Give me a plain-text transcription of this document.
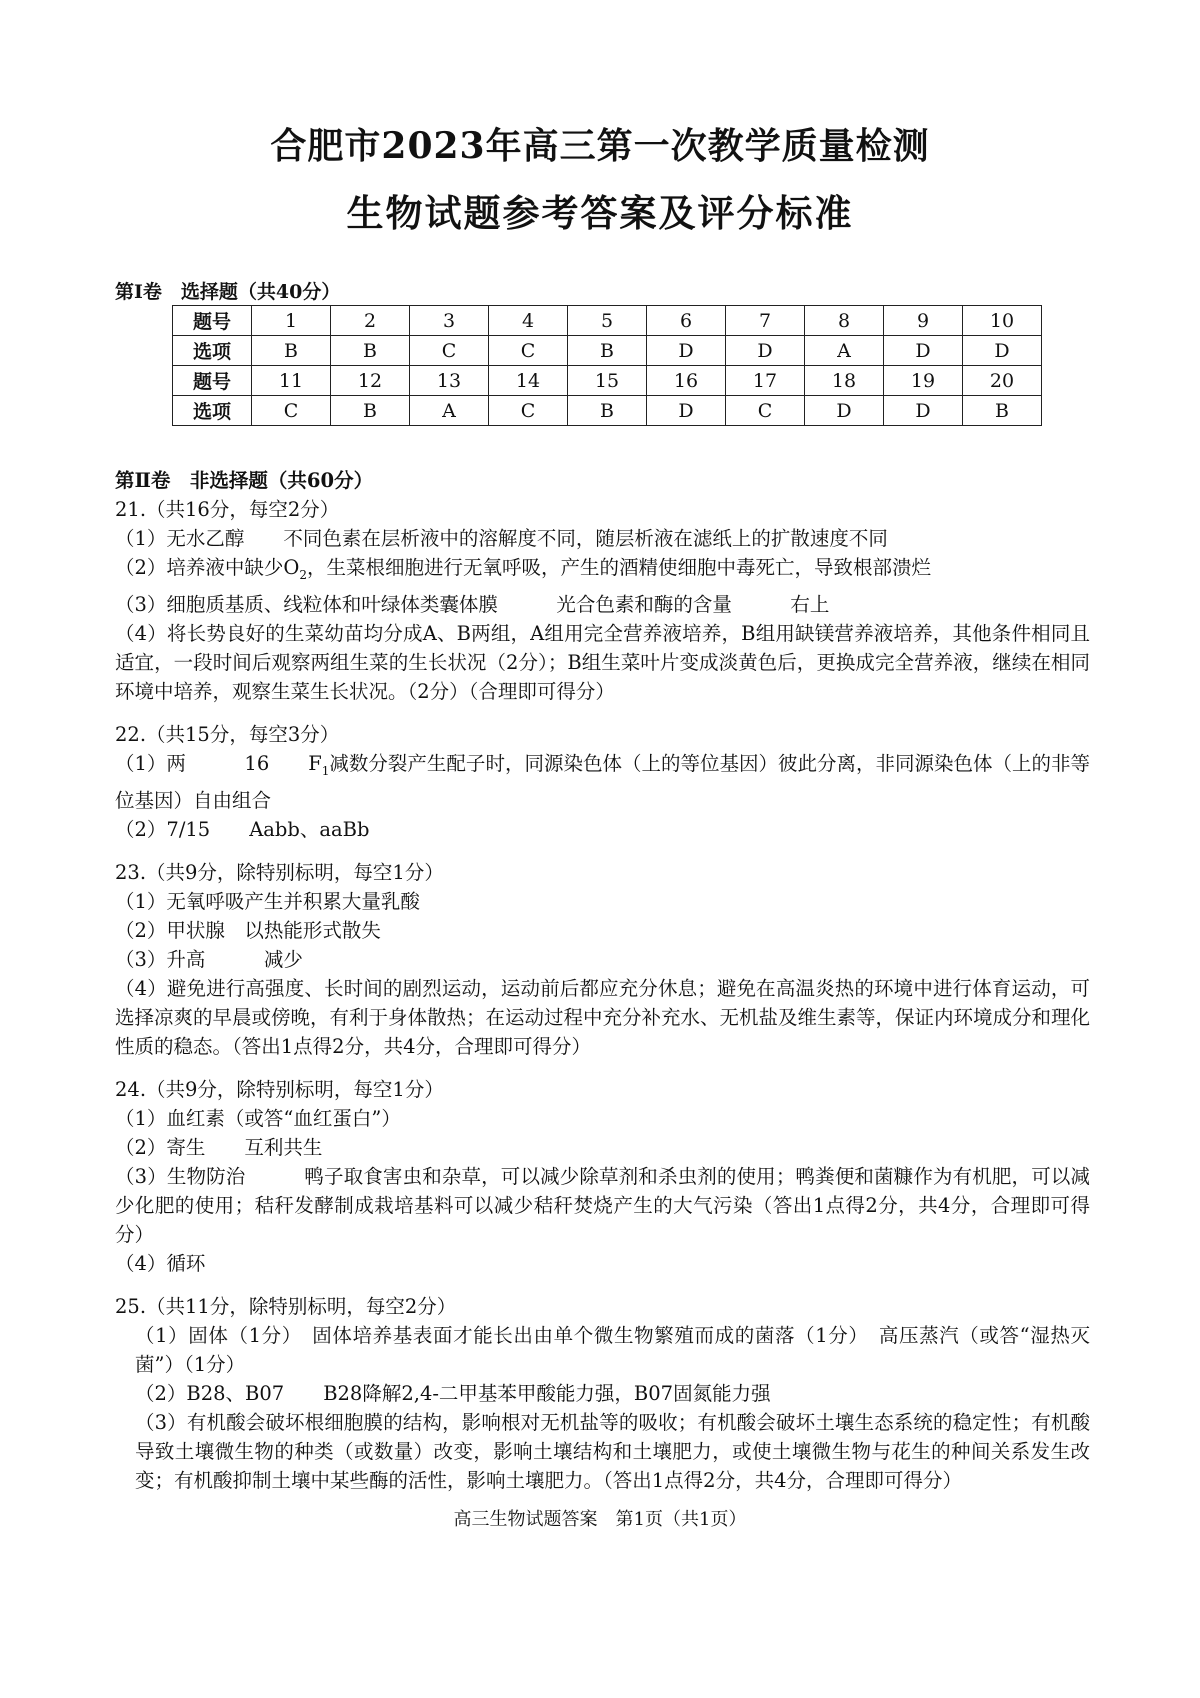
合肥市2023年高三第一次教学质量检测
生物试题参考答案及评分标准
第Ⅰ卷　选择题（共40分）
题号	1	2	3	4	5	6	7	8	9	10
选项	B	B	C	C	B	D	D	A	D	D
题号	11	12	13	14	15	16	17	18	19	20
选项	C	B	A	C	B	D	C	D	D	B

第Ⅱ卷　非选择题（共60分）

21.（共16分，每空2分）

（1）无水乙醇　　不同色素在层析液中的溶解度不同，随层析液在滤纸上的扩散速度不同

（2）培养液中缺少$O_2$，生菜根细胞进行无氧呼吸，产生的酒精使细胞中毒死亡，导致根部溃烂

（3）细胞质基质、线粒体和叶绿体类囊体膜　　　光合色素和酶的含量　　　右上

（4）将长势良好的生菜幼苗均分成A、B两组，A组用完全营养液培养，B组用缺镁营养液培养，其他条件相同且适宜，一段时间后观察两组生菜的生长状况（2分）；B组生菜叶片变成淡黄色后，更换成完全营养液，继续在相同环境中培养，观察生菜生长状况。（2分）（合理即可得分）

22.（共15分，每空3分）

（1）两　　　16　　$F_1$减数分裂产生配子时，同源染色体（上的等位基因）彼此分离，非同源染色体（上的非等位基因）自由组合

（2）7/15　　Aabb、aaBb

23.（共9分，除特别标明，每空1分）

（1）无氧呼吸产生并积累大量乳酸

（2）甲状腺　以热能形式散失

（3）升高　　　减少

（4）避免进行高强度、长时间的剧烈运动，运动前后都应充分休息；避免在高温炎热的环境中进行体育运动，可选择凉爽的早晨或傍晚，有利于身体散热；在运动过程中充分补充水、无机盐及维生素等，保证内环境成分和理化性质的稳态。（答出1点得2分，共4分，合理即可得分）

24.（共9分，除特别标明，每空1分）

（1）血红素（或答“血红蛋白”）

（2）寄生　　互利共生

（3）生物防治　　　鸭子取食害虫和杂草，可以减少除草剂和杀虫剂的使用；鸭粪便和菌糠作为有机肥，可以减少化肥的使用；秸秆发酵制成栽培基料可以减少秸秆焚烧产生的大气污染（答出1点得2分，共4分，合理即可得分）

（4）循环

25.（共11分，除特别标明，每空2分）

（1）固体（1分）　固体培养基表面才能长出由单个微生物繁殖而成的菌落（1分）　高压蒸汽（或答“湿热灭菌”）（1分）

（2）B28、B07　　B28降解2,4-二甲基苯甲酸能力强，B07固氮能力强

（3）有机酸会破坏根细胞膜的结构，影响根对无机盐等的吸收；有机酸会破坏土壤生态系统的稳定性；有机酸导致土壤微生物的种类（或数量）改变，影响土壤结构和土壤肥力，或使土壤微生物与花生的种间关系发生改变；有机酸抑制土壤中某些酶的活性，影响土壤肥力。（答出1点得2分，共4分，合理即可得分）

高三生物试题答案　第1页（共1页）
